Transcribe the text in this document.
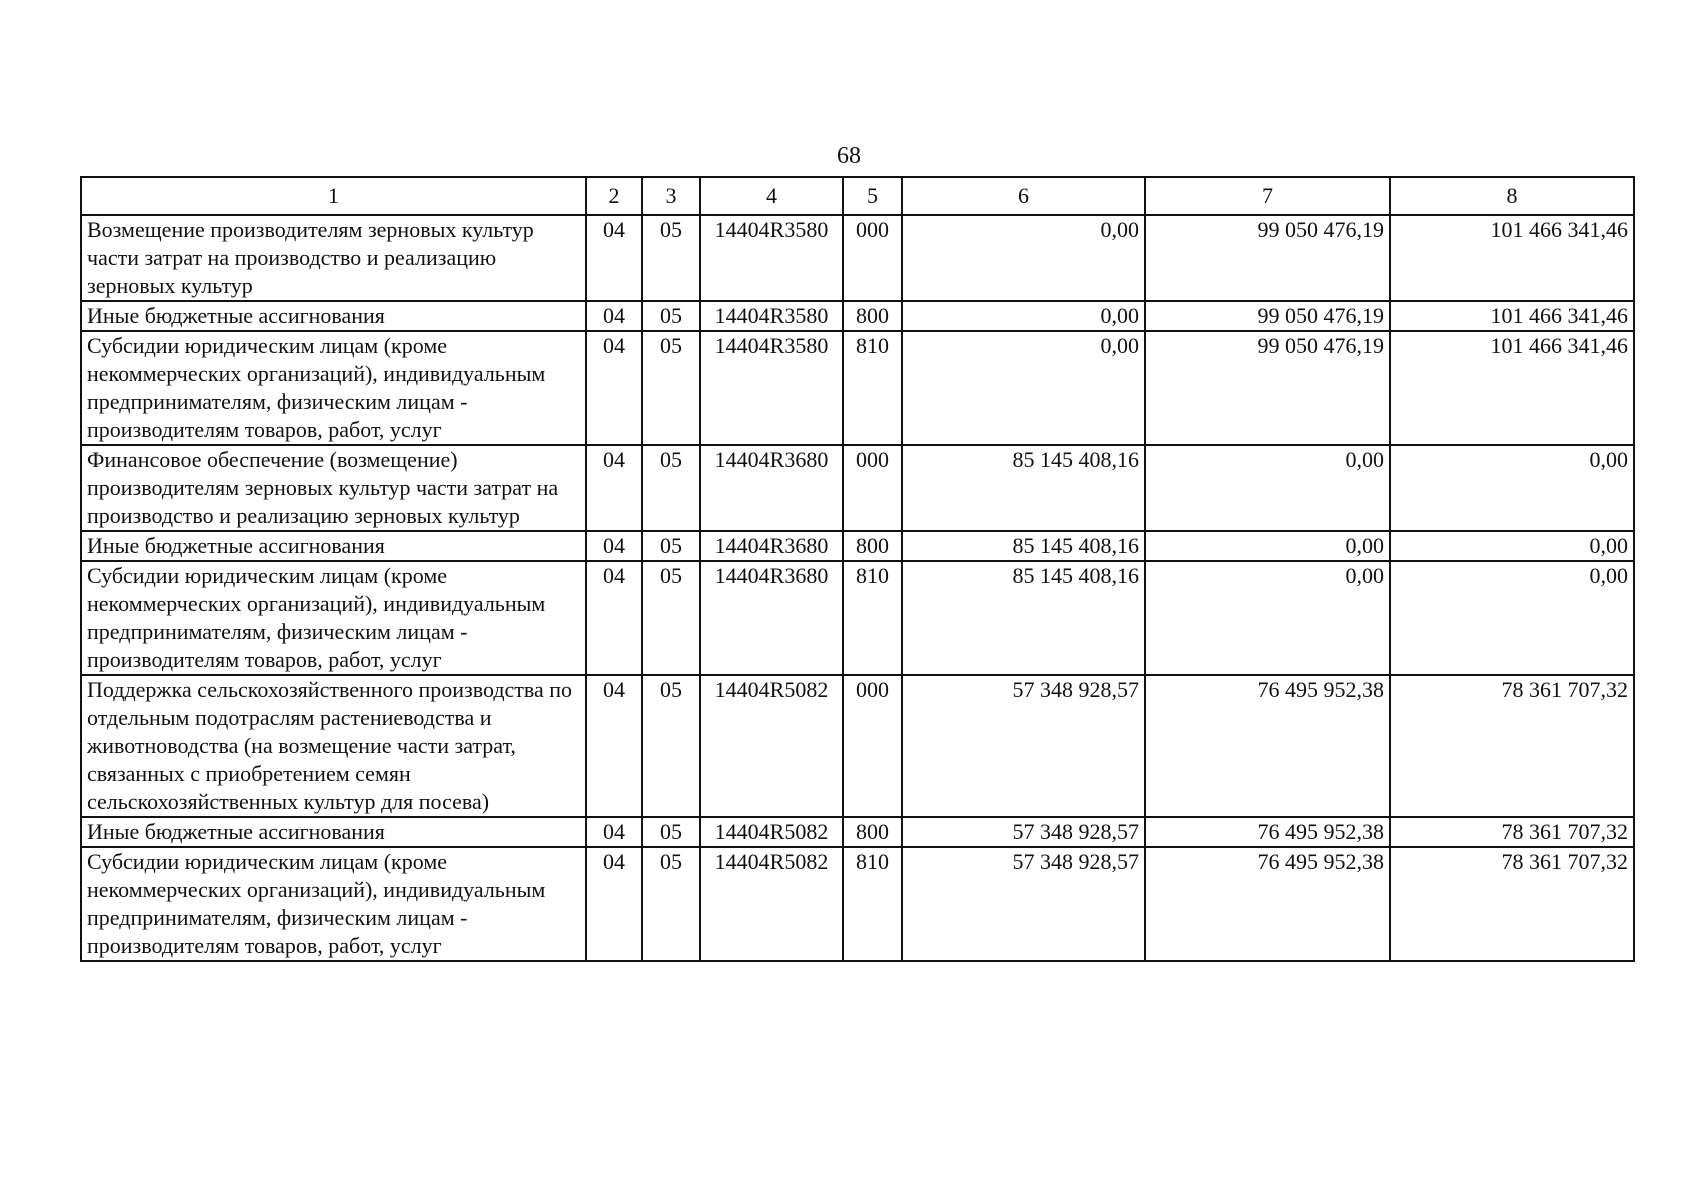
68
1	2	3	4	5	6	7	8
Возмещение производителям зерновых культур части затрат на производство и реализацию зерновых культур	04	05	14404R3580	000	0,00	99 050 476,19	101 466 341,46
Иные бюджетные ассигнования	04	05	14404R3580	800	0,00	99 050 476,19	101 466 341,46
Субсидии юридическим лицам (кроме некоммерческих организаций), индивидуальным предпринимателям, физическим лицам - производителям товаров, работ, услуг	04	05	14404R3580	810	0,00	99 050 476,19	101 466 341,46
Финансовое обеспечение (возмещение) производителям зерновых культур части затрат на производство и реализацию зерновых культур	04	05	14404R3680	000	85 145 408,16	0,00	0,00
Иные бюджетные ассигнования	04	05	14404R3680	800	85 145 408,16	0,00	0,00
Субсидии юридическим лицам (кроме некоммерческих организаций), индивидуальным предпринимателям, физическим лицам - производителям товаров, работ, услуг	04	05	14404R3680	810	85 145 408,16	0,00	0,00
Поддержка сельскохозяйственного производства по отдельным подотраслям растениеводства и животноводства (на возмещение части затрат, связанных с приобретением семян сельскохозяйственных культур для посева)	04	05	14404R5082	000	57 348 928,57	76 495 952,38	78 361 707,32
Иные бюджетные ассигнования	04	05	14404R5082	800	57 348 928,57	76 495 952,38	78 361 707,32
Субсидии юридическим лицам (кроме некоммерческих организаций), индивидуальным предпринимателям, физическим лицам - производителям товаров, работ, услуг	04	05	14404R5082	810	57 348 928,57	76 495 952,38	78 361 707,32
